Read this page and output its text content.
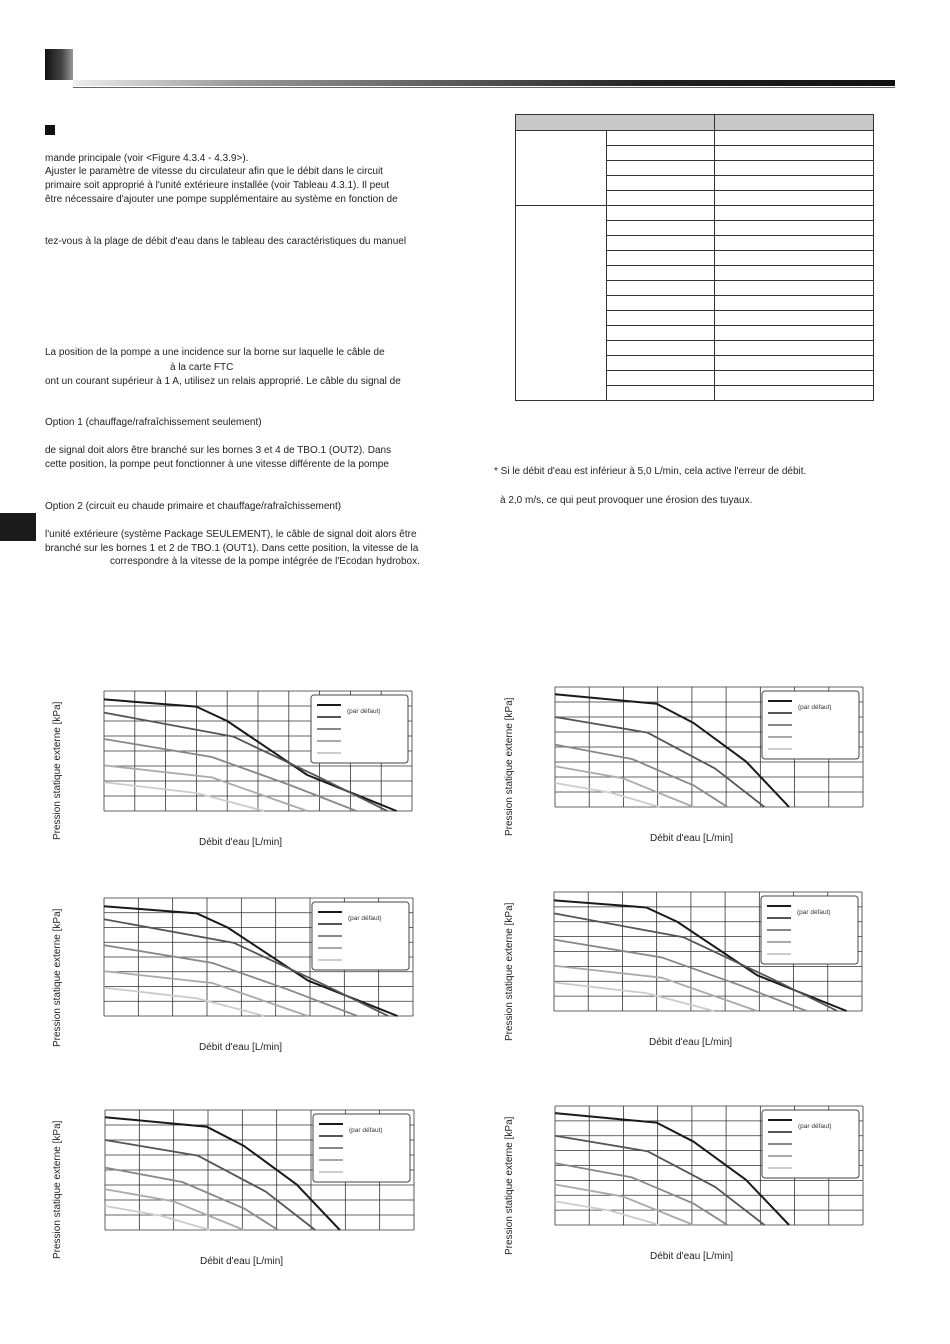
mande principale (voir <Figure 4.3.4 - 4.3.9>).
Ajuster le paramètre de vitesse du circulateur afin que le débit dans le circuit
primaire soit approprié à l'unité extérieure installée (voir Tableau 4.3.1). Il peut
être nécessaire d'ajouter une pompe supplémentaire au système en fonction de
tez-vous à la plage de débit d'eau dans le tableau des caractéristiques du manuel
La position de la pompe a une incidence sur la borne sur laquelle le câble de
à la carte FTC
ont un courant supérieur à 1 A, utilisez un relais approprié. Le câble du signal de
Option 1 (chauffage/rafraîchissement seulement)
de signal doit alors être branché sur les bornes 3 et 4 de TBO.1 (OUT2). Dans
cette position, la pompe peut fonctionner à une vitesse différente de la pompe
Option 2 (circuit eu chaude primaire et chauffage/rafraîchissement)
l'unité extérieure (système Package SEULEMENT), le câble de signal doit alors être
branché sur les bornes 1 et 2 de TBO.1 (OUT1). Dans cette position, la vitesse de la
correspondre à la vitesse de la pompe intégrée de l'Ecodan hydrobox.
* Si le débit d'eau est inférieur à 5,0 L/min, cela active l'erreur de débit.
à 2,0 m/s, ce qui peut provoquer une érosion des tuyaux.

(par défaut)
Pression statique externe [kPa]
Débit d'eau [L/min]
(par défaut)
Pression statique externe [kPa]
Débit d'eau [L/min]
(par défaut)
Pression statique externe [kPa]
Débit d'eau [L/min]
(par défaut)
Pression statique externe [kPa]
Débit d'eau [L/min]
(par défaut)
Pression statique externe [kPa]
Débit d'eau [L/min]
(par défaut)
Pression statique externe [kPa]
Débit d'eau [L/min]
